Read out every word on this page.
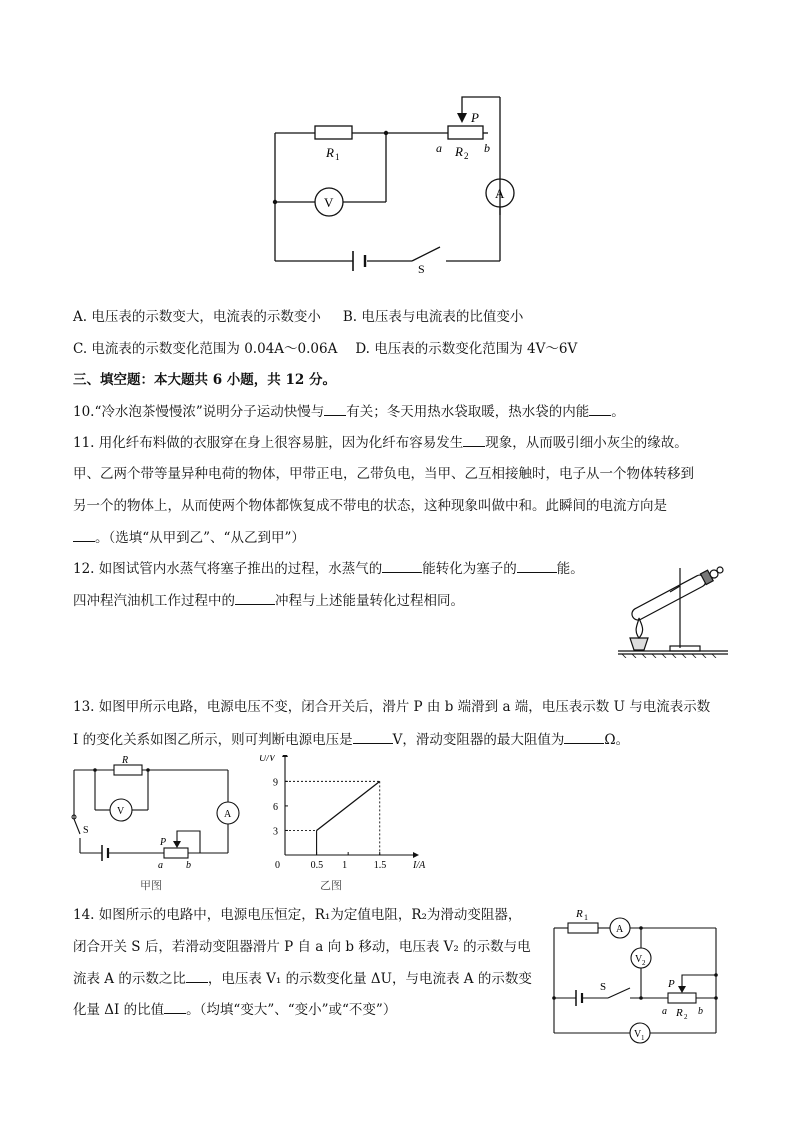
R 1
P
a R 2
b
A
V
S
A. 电压表的示数变大，电流表的示数变小 B. 电压表与电流表的比值变小
C. 电流表的示数变化范围为 0.04A～0.06A D. 电压表的示数变化范围为 4V～6V
三、填空题：本大题共 6 小题，共 12 分。
10.“冷水泡茶慢慢浓”说明分子运动快慢与 有关；冬天用热水袋取暖，热水袋的内能 。
11. 用化纤布料做的衣服穿在身上很容易脏，因为化纤布容易发生 现象，从而吸引细小灰尘的缘故。
甲、乙两个带等量异种电荷的物体，甲带正电，乙带负电，当甲、乙互相接触时，电子从一个物体转移到
另一个的物体上，从而使两个物体都恢复成不带电的状态，这种现象叫做中和。此瞬间的电流方向是
。（选填“从甲到乙”、“从乙到甲”）
12. 如图试管内水蒸气将塞子推出的过程，水蒸气的	能转化为塞子的	能。
四冲程汽油机工作过程中的	冲程与上述能量转化过程相同。
13. 如图甲所示电路，电源电压不变，闭合开关后，滑片 P 由 b 端滑到 a 端，电压表示数 U 与电流表示数
I 的变化关系如图乙所示，则可判断电源电压是	V，滑动变阻器的最大阻值为	Ω。
R
V	A
S
P
a b
甲图
I/A
U/V
0	0.5 1	1.5
3
6
9
乙图
14. 如图所示的电路中，电源电压恒定，R₁为定值电阻，R₂为滑动变阻器，
闭合开关 S 后，若滑动变阻器滑片 P 自 a 向 b 移动，电压表 V₂ 的示数与电
流表 A 的示数之比 ，电压表 V₁ 的示数变化量 ΔU，与电流表 A 的示数变
化量 ΔI 的比值 。（均填“变大”、“变小”或“不变”）
R 1
A
V 2
S	P
a R 2 b
V 1
